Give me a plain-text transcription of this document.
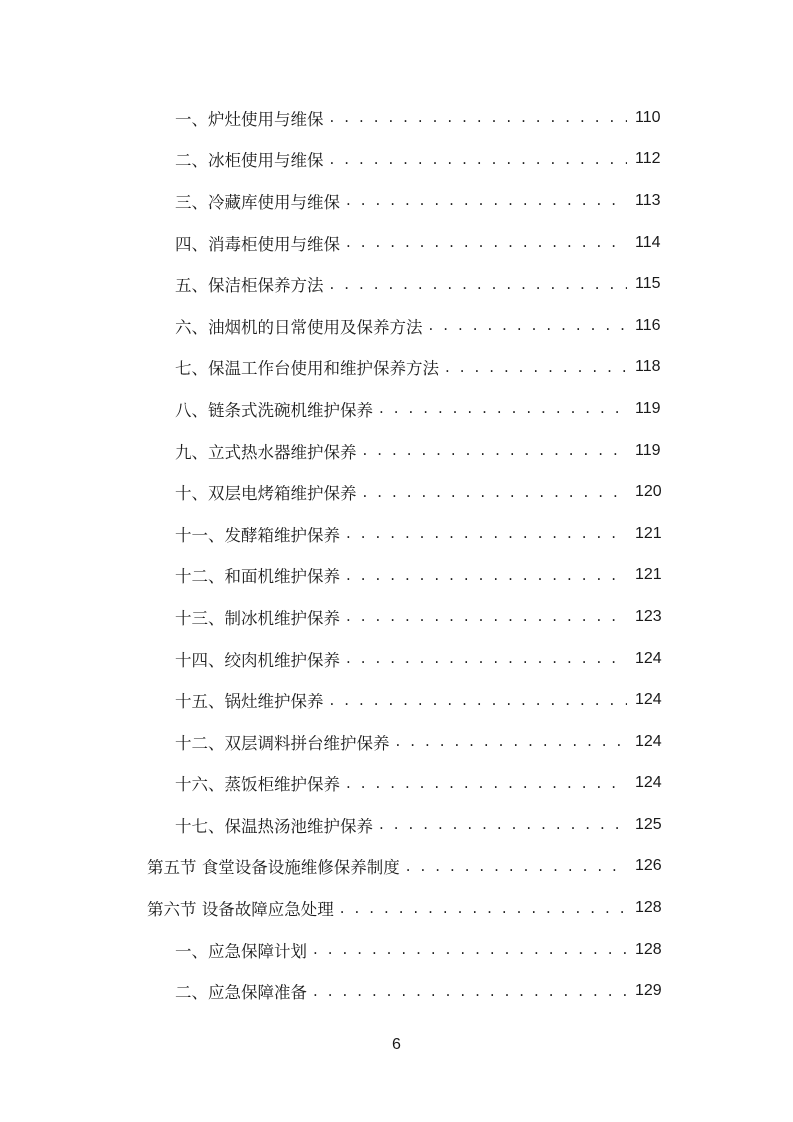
一、炉灶使用与维保 . . .	110
二、冰柜使用与维保 . . .	112
三、冷藏库使用与维保 . . .	113
四、消毒柜使用与维保 . . .	114
五、保洁柜保养方法 . . .	115
六、油烟机的日常使用及保养方法 . . .	116
七、保温工作台使用和维护保养方法 . . .	118
八、链条式洗碗机维护保养 . . .	119
九、立式热水器维护保养 . . .	119
十、双层电烤箱维护保养 . . .	120
十一、发酵箱维护保养 . . .	121
十二、和面机维护保养 . . .	121
十三、制冰机维护保养 . . .	123
十四、绞肉机维护保养 . . .	124
十五、锅灶维护保养 . . .	124
十二、双层调料拼台维护保养 . . .	124
十六、蒸饭柜维护保养 . . .	124
十七、保温热汤池维护保养 . . .	125
第五节 食堂设备设施维修保养制度 . . .	126
第六节 设备故障应急处理 . . .	128
一、应急保障计划 . . .	128
二、应急保障准备 . . .	129
6
